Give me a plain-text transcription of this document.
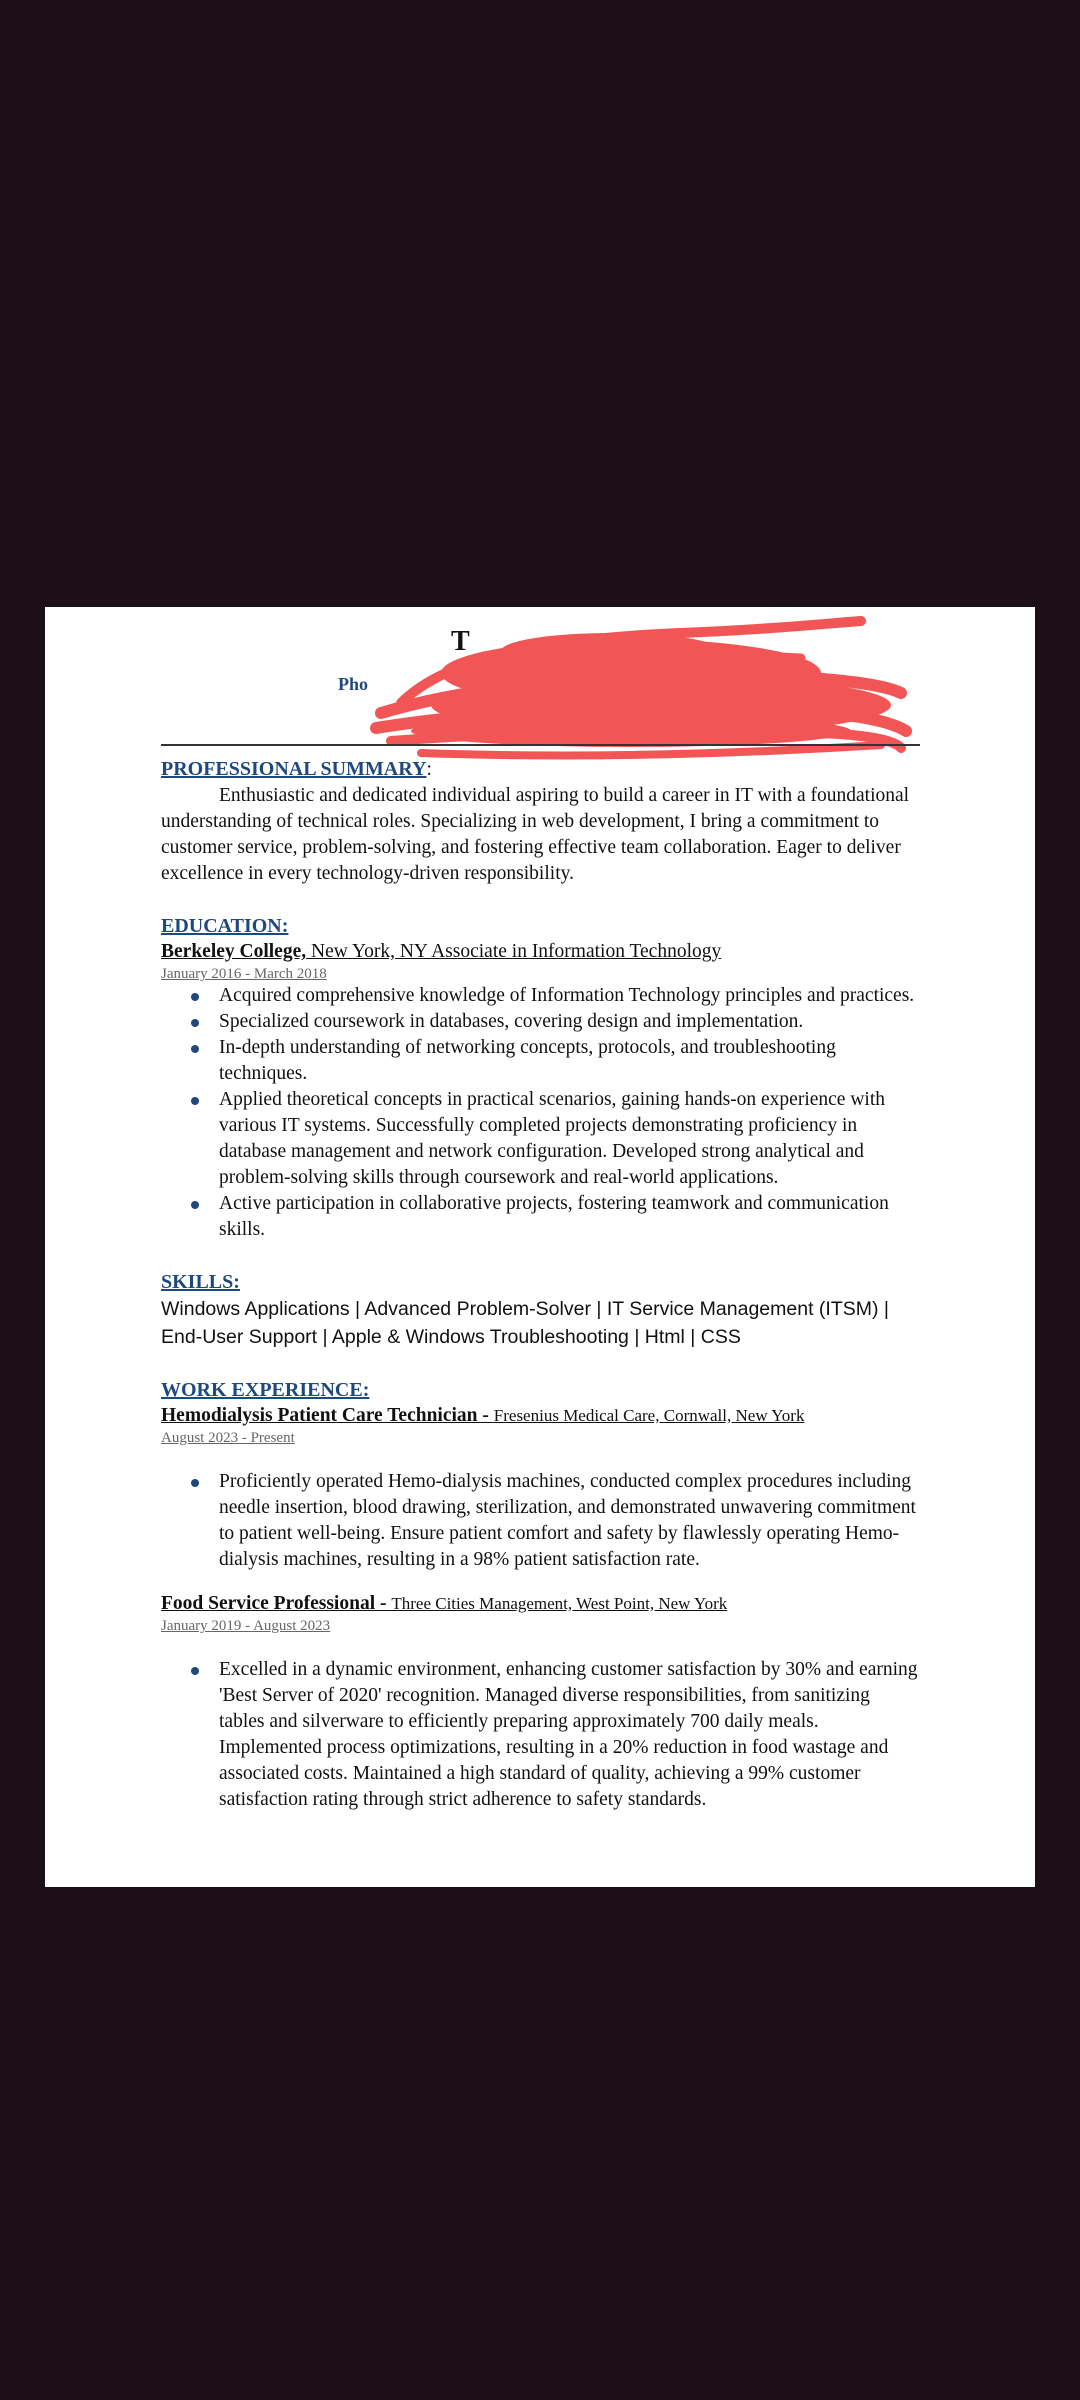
T
Pho
PROFESSIONAL SUMMARY:

Enthusiastic and dedicated individual aspiring to build a career in IT with a foundational understanding of technical roles. Specializing in web development, I bring a commitment to customer service, problem-solving, and fostering effective team collaboration. Eager to deliver excellence in every technology-driven responsibility.

EDUCATION:
Berkeley College, New York, NY Associate in Information Technology
January 2016 - March 2018
Acquired comprehensive knowledge of Information Technology principles and practices.
Specialized coursework in databases, covering design and implementation.
In-depth understanding of networking concepts, protocols, and troubleshooting techniques.
Applied theoretical concepts in practical scenarios, gaining hands-on experience with various IT systems. Successfully completed projects demonstrating proficiency in database management and network configuration. Developed strong analytical and problem-solving skills through coursework and real-world applications.
Active participation in collaborative projects, fostering teamwork and communication skills.
SKILLS:
Windows Applications | Advanced Problem-Solver | IT Service Management (ITSM) |
End-User Support | Apple & Windows Troubleshooting | Html | CSS
WORK EXPERIENCE:
Hemodialysis Patient Care Technician - Fresenius Medical Care, Cornwall, New York
August 2023 - Present
Proficiently operated Hemo-dialysis machines, conducted complex procedures including needle insertion, blood drawing, sterilization, and demonstrated unwavering commitment to patient well-being. Ensure patient comfort and safety by flawlessly operating Hemo-dialysis machines, resulting in a 98% patient satisfaction rate.
Food Service Professional - Three Cities Management, West Point, New York
January 2019 - August 2023
Excelled in a dynamic environment, enhancing customer satisfaction by 30% and earning 'Best Server of 2020' recognition. Managed diverse responsibilities, from sanitizing tables and silverware to efficiently preparing approximately 700 daily meals. Implemented process optimizations, resulting in a 20% reduction in food wastage and associated costs. Maintained a high standard of quality, achieving a 99% customer satisfaction rating through strict adherence to safety standards.
